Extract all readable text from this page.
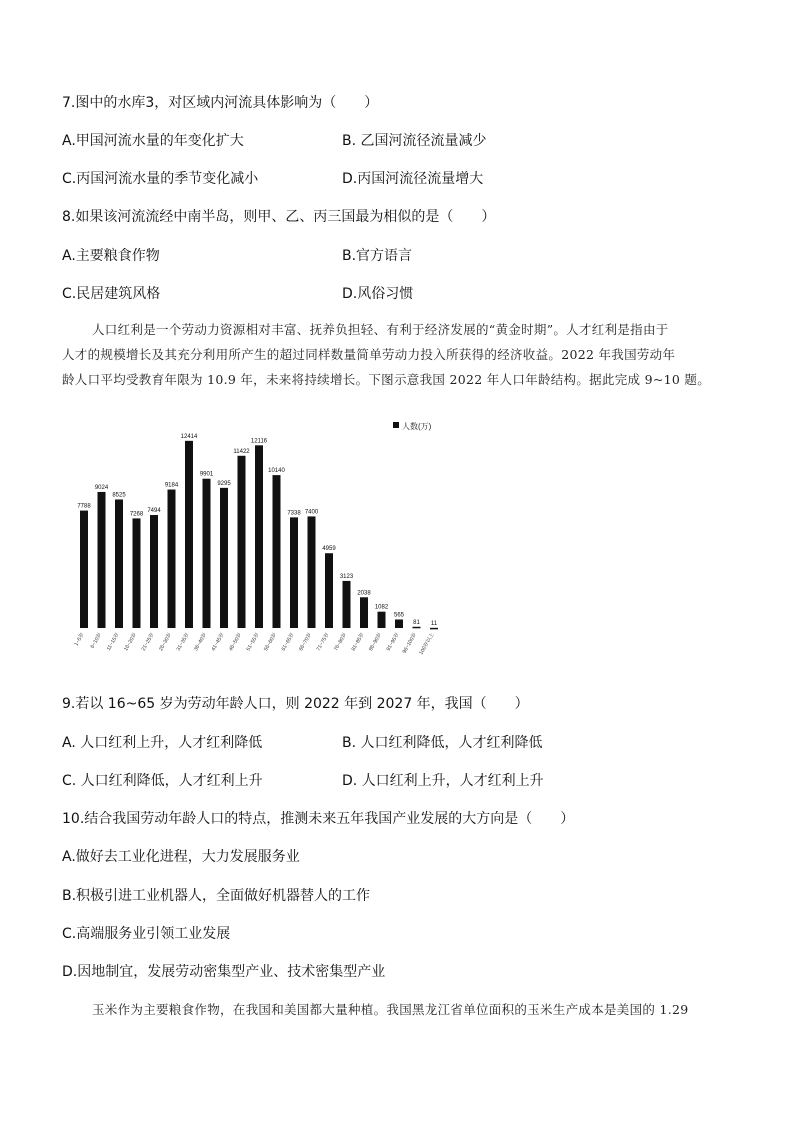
7.图中的水库3，对区域内河流具体影响为（　　）
A.甲国河流水量的年变化扩大	B. 乙国河流径流量减少
C.丙国河流水量的季节变化减小	D.丙国河流径流量增大
8.如果该河流流经中南半岛，则甲、乙、丙三国最为相似的是（　　）
A.主要粮食作物	B.官方语言
C.民居建筑风格	D.风俗习惯
人口红利是一个劳动力资源相对丰富、抚养负担轻、有利于经济发展的“黄金时期”。人才红利是指由于
人才的规模增长及其充分利用所产生的超过同样数量简单劳动力投入所获得的经济收益。2022 年我国劳动年
龄人口平均受教育年限为 10.9 年，未来将持续增长。下图示意我国 2022 年人口年龄结构。据此完成 9~10 题。
人数(万)
7788
1~5岁
9024
6~10岁
8525
11~15岁
7268
16~20岁
7494
21~25岁
9184
26~30岁
12414
31~35岁
9901
36~40岁
9295
41~45岁
11422
46~50岁
12116
51~55岁
10140
56~60岁
7338
61~65岁
7400
66~70岁
4959
71~75岁
3123
76~80岁
2038
81~85岁
1082
86~90岁
565
91~95岁
81
96~100岁
11
100岁以上
9.若以 16~65 岁为劳动年龄人口，则 2022 年到 2027 年，我国（　　）
A. 人口红利上升，人才红利降低	B. 人口红利降低，人才红利降低
C. 人口红利降低，人才红利上升	D. 人口红利上升，人才红利上升
10.结合我国劳动年龄人口的特点，推测未来五年我国产业发展的大方向是（　　）
A.做好去工业化进程，大力发展服务业
B.积极引进工业机器人，全面做好机器替人的工作
C.高端服务业引领工业发展
D.因地制宜，发展劳动密集型产业、技术密集型产业
玉米作为主要粮食作物，在我国和美国都大量种植。我国黑龙江省单位面积的玉米生产成本是美国的 1.29
